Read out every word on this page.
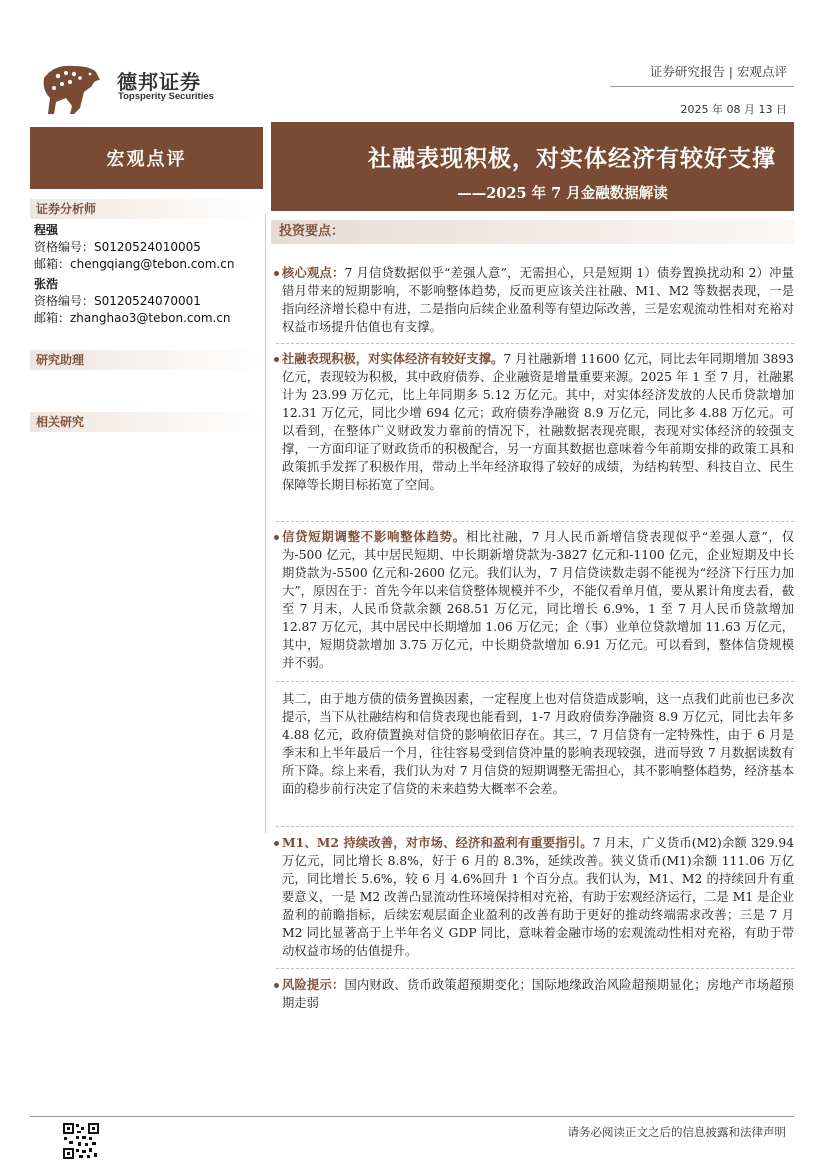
德邦证券
Topsperity Securities
证券研究报告 | 宏观点评
2025 年 08 月 13 日
宏观点评	社融表现积极，对实体经济有较好支撑
——2025 年 7 月金融数据解读
证券分析师
程强
资格编号：S0120524010005
邮箱：chengqiang@tebon.com.cn
张浩
资格编号：S0120524070001
邮箱：zhanghao3@tebon.com.cn
研究助理
相关研究
投资要点：
核心观点：7 月信贷数据似乎“差强人意”，无需担心，只是短期 1）债券置换扰动和 2）冲量错月带来的短期影响，不影响整体趋势，反而更应该关注社融、M1、M2 等数据表现，一是指向经济增长稳中有进，二是指向后续企业盈利等有望边际改善，三是宏观流动性相对充裕对权益市场提升估值也有支撑。
社融表现积极，对实体经济有较好支撑。7 月社融新增 11600 亿元，同比去年同期增加 3893 亿元，表现较为积极，其中政府债券、企业融资是增量重要来源。2025 年 1 至 7 月，社融累计为 23.99 万亿元，比上年同期多 5.12 万亿元。其中，对实体经济发放的人民币贷款增加 12.31 万亿元，同比少增 694 亿元；政府债券净融资 8.9 万亿元，同比多 4.88 万亿元。可以看到，在整体广义财政发力靠前的情况下，社融数据表现亮眼，表现对实体经济的较强支撑，一方面印证了财政货币的积极配合，另一方面其数据也意味着今年前期安排的政策工具和政策抓手发挥了积极作用，带动上半年经济取得了较好的成绩，为结构转型、科技自立、民生保障等长期目标拓宽了空间。
信贷短期调整不影响整体趋势。相比社融，7 月人民币新增信贷表现似乎“差强人意”，仅为-500 亿元，其中居民短期、中长期新增贷款为-3827 亿元和-1100 亿元，企业短期及中长期贷款为-5500 亿元和-2600 亿元。我们认为，7 月信贷读数走弱不能视为“经济下行压力加大”，原因在于：首先今年以来信贷整体规模并不少，不能仅看单月值，要从累计角度去看，截至 7 月末，人民币贷款余额 268.51 万亿元，同比增长 6.9%，1 至 7 月人民币贷款增加 12.87 万亿元，其中居民中长期增加 1.06 万亿元；企（事）业单位贷款增加 11.63 万亿元，其中，短期贷款增加 3.75 万亿元，中长期贷款增加 6.91 万亿元。可以看到，整体信贷规模并不弱。
其二，由于地方债的债务置换因素，一定程度上也对信贷造成影响，这一点我们此前也已多次提示，当下从社融结构和信贷表现也能看到，1-7 月政府债券净融资 8.9 万亿元，同比去年多 4.88 亿元，政府债置换对信贷的影响依旧存在。其三，7 月信贷有一定特殊性，由于 6 月是季末和上半年最后一个月，往往容易受到信贷冲量的影响表现较强，进而导致 7 月数据读数有所下降。综上来看，我们认为对 7 月信贷的短期调整无需担心，其不影响整体趋势，经济基本面的稳步前行决定了信贷的未来趋势大概率不会差。
M1、M2 持续改善，对市场、经济和盈利有重要指引。7 月末，广义货币(M2)余额 329.94 万亿元，同比增长 8.8%，好于 6 月的 8.3%，延续改善。狭义货币(M1)余额 111.06 万亿元，同比增长 5.6%，较 6 月 4.6%回升 1 个百分点。我们认为，M1、M2 的持续回升有重要意义，一是 M2 改善凸显流动性环境保持相对充裕，有助于宏观经济运行，二是 M1 是企业盈利的前瞻指标，后续宏观层面企业盈利的改善有助于更好的推动终端需求改善；三是 7 月 M2 同比显著高于上半年名义 GDP 同比，意味着金融市场的宏观流动性相对充裕，有助于带动权益市场的估值提升。
风险提示：国内财政、货币政策超预期变化；国际地缘政治风险超预期显化；房地产市场超预期走弱
请务必阅读正文之后的信息披露和法律声明
